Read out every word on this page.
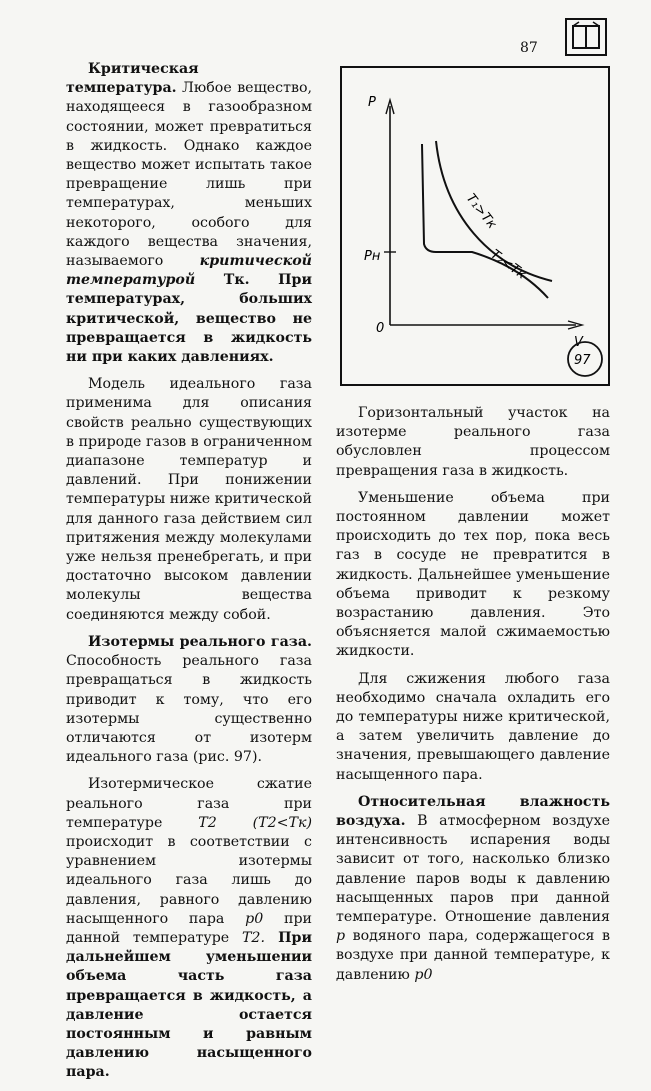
87
P
V
0
Pн
T₁>Tк
T₂<Tк
97

Критическая температура. Любое вещество, находящееся в газообразном состоянии, может превратиться в жидкость. Однако каждое вещество может испытать такое превращение лишь при температурах, меньших некоторого, особого для каждого вещества значения, называемого критической температурой Tк. При температурах, больших критической, вещество не превращается в жидкость ни при каких давлениях.

Модель идеального газа применима для описания свойств реально существующих в природе газов в ограниченном диапазоне температур и давлений. При понижении температуры ниже критической для данного газа действием сил притяжения между молекулами уже нельзя пренебрегать, и при достаточно высоком давлении молекулы вещества соединяются между собой.

Изотермы реального газа. Способность реального газа превращаться в жидкость приводит к тому, что его изотермы существенно отличаются от изотерм идеального газа (рис. 97).

Изотермическое сжатие реального газа при температуре T2 (T2<Tк) происходит в соответствии с уравнением изотермы идеального газа лишь до давления, равного давлению насыщенного пара p0 при данной температуре T2. При дальнейшем уменьшении объема часть газа превращается в жидкость, а давление остается постоянным и равным давлению насыщенного пара.

Горизонтальный участок на изотерме реального газа обусловлен процессом превращения газа в жидкость.

Уменьшение объема при постоянном давлении может происходить до тех пор, пока весь газ в сосуде не превратится в жидкость. Дальнейшее уменьшение объема приводит к резкому возрастанию давления. Это объясняется малой сжимаемостью жидкости.

Для сжижения любого газа необходимо сначала охладить его до температуры ниже критической, а затем увеличить давление до значения, превышающего давление насыщенного пара.

Относительная влажность воздуха. В атмосферном воздухе интенсивность испарения воды зависит от того, насколько близко давление паров воды к давлению насыщенных паров при данной температуре. Отношение давления p водяного пара, содержащегося в воздухе при данной температуре, к давлению p0
